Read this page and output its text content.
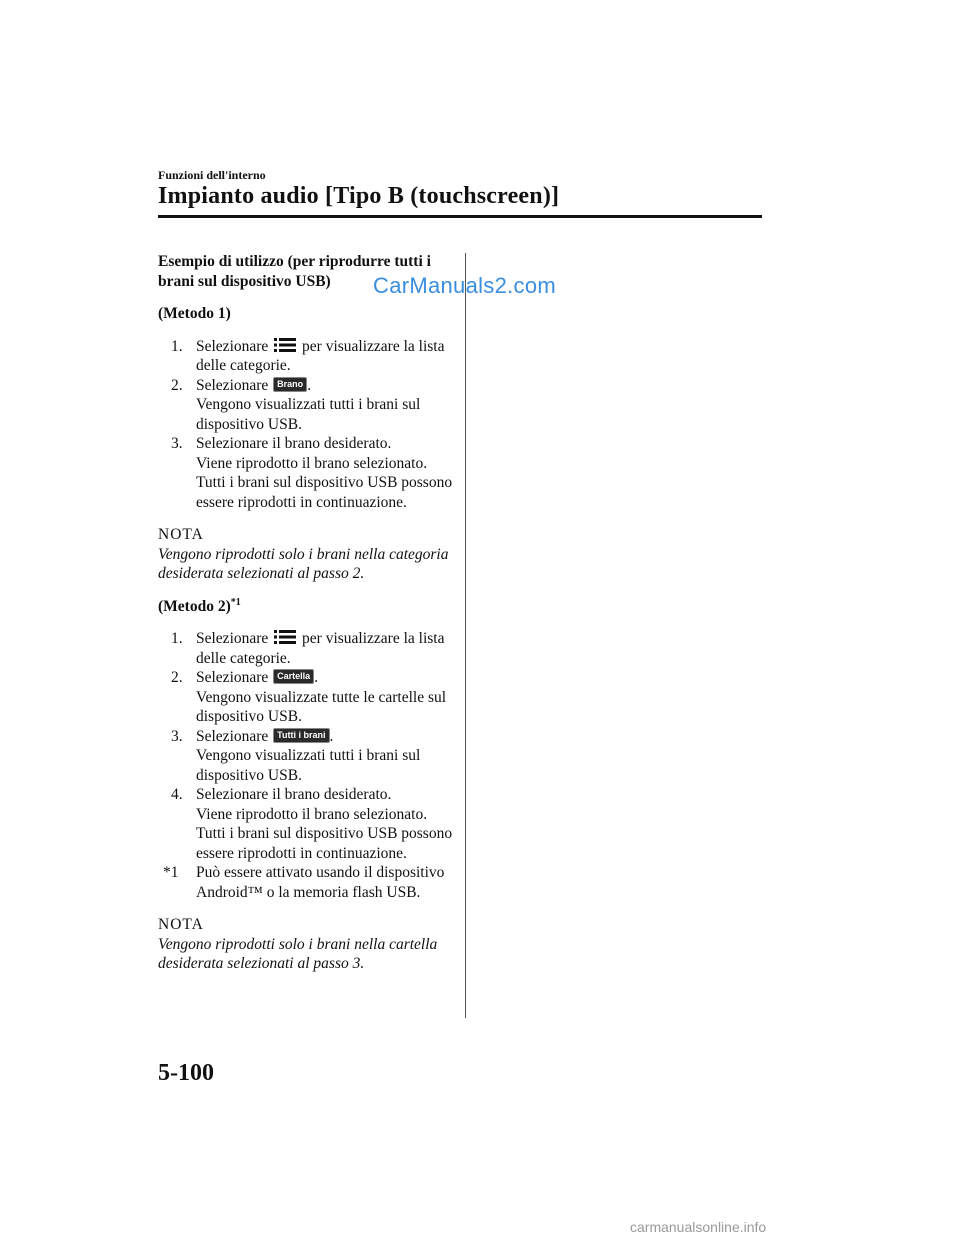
Funzioni dell'interno
Impianto audio [Tipo B (touchscreen)]

Esempio di utilizzo (per riprodurre tutti i brani sul dispositivo USB)

(Metodo 1)

1. Selezionare per visualizzare la lista delle categorie.

2. Selezionare Brano .
Vengono visualizzati tutti i brani sul dispositivo USB.

3. Selezionare il brano desiderato.
Viene riprodotto il brano selezionato. Tutti i brani sul dispositivo USB possono essere riprodotti in continuazione.

NOTA

Vengono riprodotti solo i brani nella categoria desiderata selezionati al passo 2.

(Metodo 2)$^{*1}$

1. Selezionare per visualizzare la lista delle categorie.

2. Selezionare Cartella .
Vengono visualizzate tutte le cartelle sul dispositivo USB.

3. Selezionare Tutti i brani .
Vengono visualizzati tutti i brani sul dispositivo USB.

4. Selezionare il brano desiderato.
Viene riprodotto il brano selezionato. Tutti i brani sul dispositivo USB possono essere riprodotti in continuazione.

*1 Può essere attivato usando il dispositivo Android™ o la memoria flash USB.

NOTA

Vengono riprodotti solo i brani nella cartella desiderata selezionati al passo 3.

CarManuals2.com
5-100
carmanualsonline.info
